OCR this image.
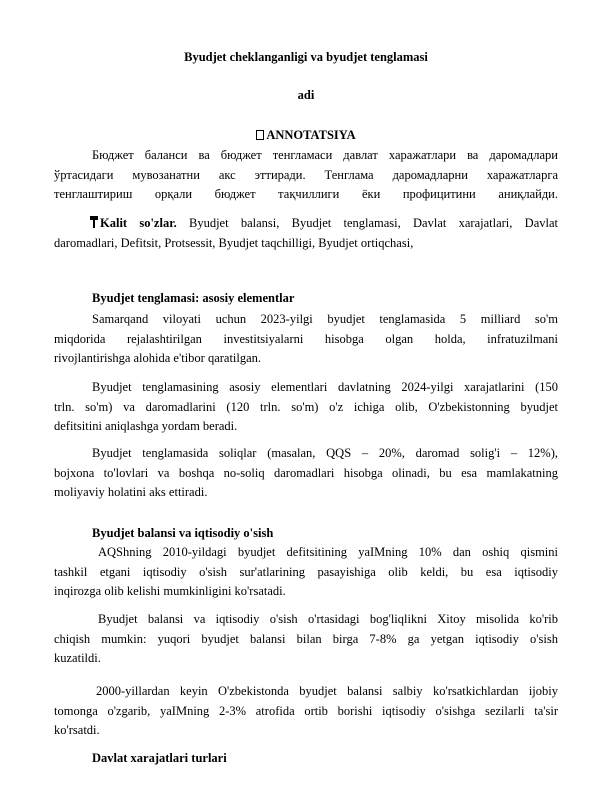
Byudjet cheklanganligi va byudjet tenglamasi
adi
ANNOTATSIYA
Бюджет баланси ва бюджет тенгламаси давлат харажатлари ва даромадлари
ўртасидаги мувозанатни акс эттиради. Тенглама даромадларни харажатларга
тенглаштириш орқали бюджет тақчиллиги ёки профицитини аниқлайди.
Kalit so'zlar. Byudjet balansi, Byudjet tenglamasi, Davlat xarajatlari, Davlat
daromadlari, Defitsit, Protsessit, Byudjet taqchilligi, Byudjet ortiqchasi,
Byudjet tenglamasi: asosiy elementlar
Samarqand viloyati uchun 2023-yilgi byudjet tenglamasida 5 milliard so'm
miqdorida rejalashtirilgan investitsiyalarni hisobga olgan holda, infratuzilmani
rivojlantirishga alohida e'tibor qaratilgan.
Byudjet tenglamasining asosiy elementlari davlatning 2024-yilgi xarajatlarini (150
trln. so'm) va daromadlarini (120 trln. so'm) o'z ichiga olib, O'zbekistonning byudjet
defitsitini aniqlashga yordam beradi.
Byudjet tenglamasida soliqlar (masalan, QQS – 20%, daromad solig'i – 12%),
bojxona to'lovlari va boshqa no-soliq daromadlari hisobga olinadi, bu esa mamlakatning
moliyaviy holatini aks ettiradi.
Byudjet balansi va iqtisodiy o'sish
AQShning 2010-yildagi byudjet defitsitining yaIMning 10% dan oshiq qismini
tashkil etgani iqtisodiy o'sish sur'atlarining pasayishiga olib keldi, bu esa iqtisodiy
inqirozga olib kelishi mumkinligini ko'rsatadi.
Byudjet balansi va iqtisodiy o'sish o'rtasidagi bog'liqlikni Xitoy misolida ko'rib
chiqish mumkin: yuqori byudjet balansi bilan birga 7-8% ga yetgan iqtisodiy o'sish
kuzatildi.
2000-yillardan keyin O'zbekistonda byudjet balansi salbiy ko'rsatkichlardan ijobiy
tomonga o'zgarib, yaIMning 2-3% atrofida ortib borishi iqtisodiy o'sishga sezilarli ta'sir
ko'rsatdi.
Davlat xarajatlari turlari
